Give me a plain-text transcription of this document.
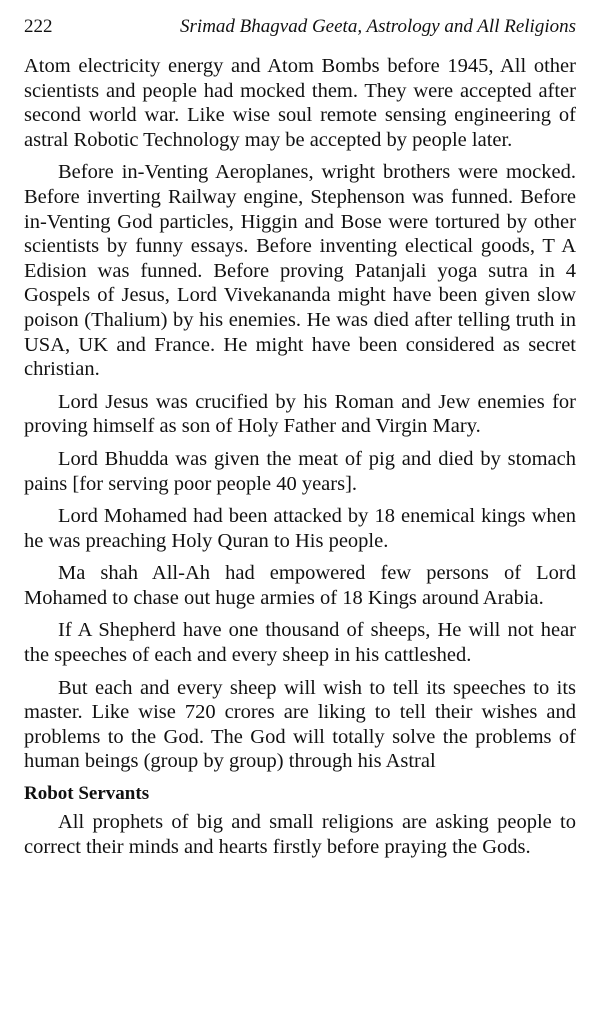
222	Srimad Bhagvad Geeta, Astrology and All Religions

Atom electricity energy and Atom Bombs before 1945, All other scientists and people had mocked them. They were accepted after second world war. Like wise soul remote sensing engineering of astral Robotic Technology may be accepted by people later.

Before in-Venting Aeroplanes, wright brothers were mocked. Before inverting Railway engine, Stephenson was funned. Before in-Venting God particles, Higgin and Bose were tortured by other scientists by funny essays. Before inventing electical goods, T A Edision was funned. Before proving Patanjali yoga sutra in 4 Gospels of Jesus, Lord Vivekananda might have been given slow poison (Thalium) by his enemies. He was died after telling truth in USA, UK and France. He might have been considered as secret christian.

Lord Jesus was crucified by his Roman and Jew enemies for proving himself as son of Holy Father and Virgin Mary.

Lord Bhudda was given the meat of pig and died by stomach pains [for serving poor people 40 years].

Lord Mohamed had been attacked by 18 enemical kings when he was preaching Holy Quran to His people.

Ma shah All-Ah had empowered few persons of Lord Mohamed to chase out huge armies of 18 Kings around Arabia.

If A Shepherd have one thousand of sheeps, He will not hear the speeches of each and every sheep in his cattleshed.

But each and every sheep will wish to tell its speeches to its master. Like wise 720 crores are liking to tell their wishes and problems to the God. The God will totally solve the problems of human beings (group by group) through his Astral

Robot Servants

All prophets of big and small religions are asking people to correct their minds and hearts firstly before praying the Gods.
